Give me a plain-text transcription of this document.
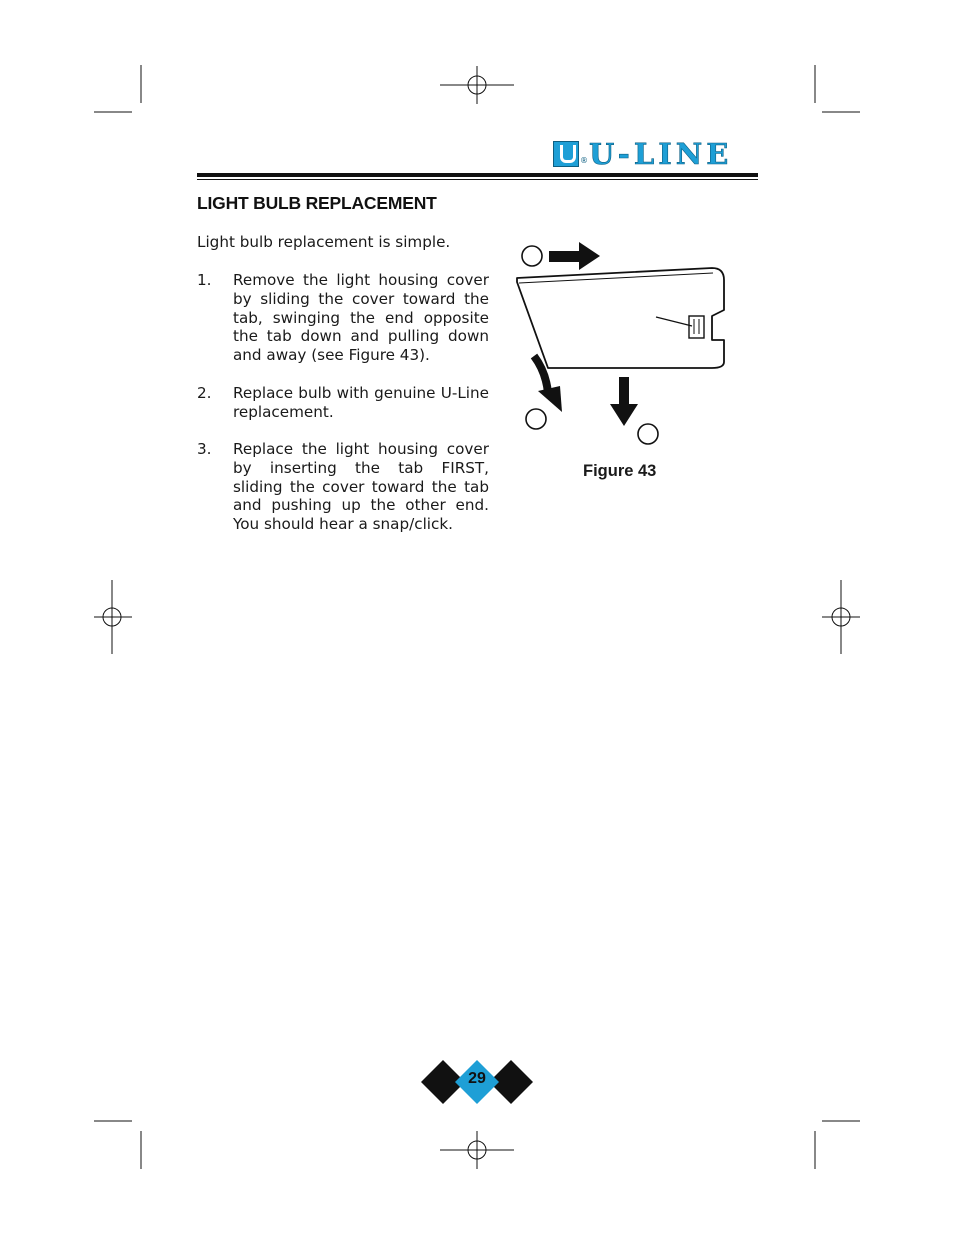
® U-LINE
LIGHT BULB REPLACEMENT
Light bulb replacement is simple.
1. Remove the light housing cover by sliding the cover toward the tab, swinging the end opposite the tab down and pulling down and away (see Figure 43).
2. Replace bulb with genuine U-Line replacement.
3. Replace the light housing cover by inserting the tab FIRST, sliding the cover toward the tab and pushing up the other end. You should hear a snap/click.
Figure 43
29
